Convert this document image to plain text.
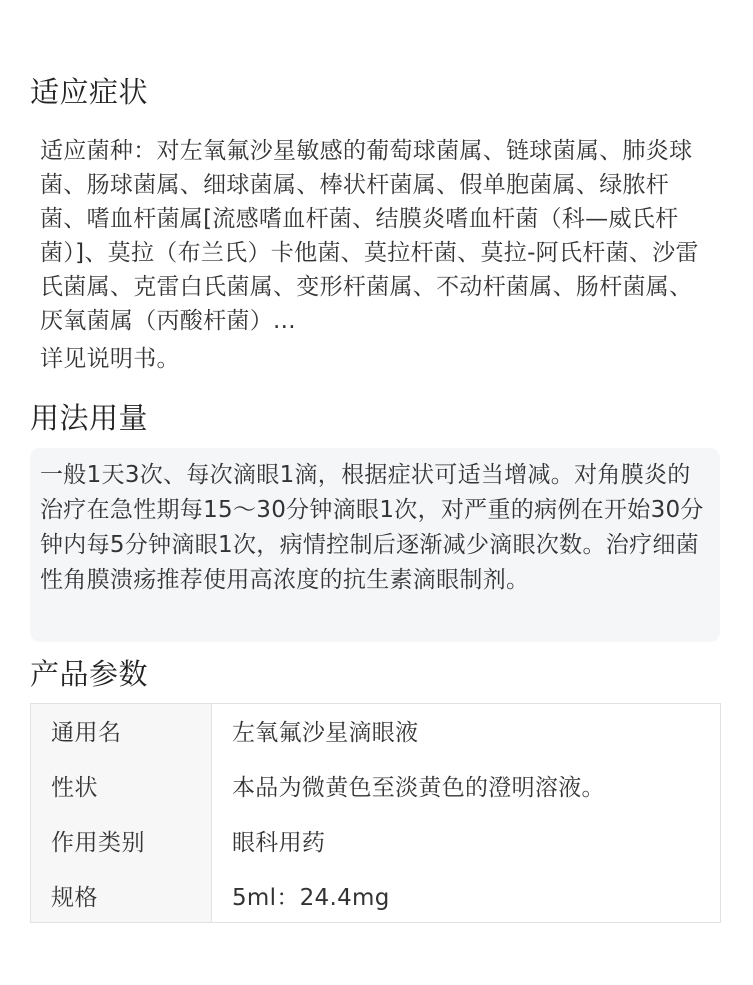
适应症状
适应菌种：对左氧氟沙星敏感的葡萄球菌属、链球菌属、肺炎球菌、肠球菌属、细球菌属、棒状杆菌属、假单胞菌属、绿脓杆菌、嗜血杆菌属[流感嗜血杆菌、结膜炎嗜血杆菌（科—威氏杆菌）]、莫拉（布兰氏）卡他菌、莫拉杆菌、莫拉-阿氏杆菌、沙雷氏菌属、克雷白氏菌属、变形杆菌属、不动杆菌属、肠杆菌属、厌氧菌属（丙酸杆菌）...
详见说明书。
用法用量
一般1天3次、每次滴眼1滴，根据症状可适当增减。对角膜炎的治疗在急性期每15～30分钟滴眼1次，对严重的病例在开始30分钟内每5分钟滴眼1次，病情控制后逐渐减少滴眼次数。治疗细菌性角膜溃疡推荐使用高浓度的抗生素滴眼制剂。
产品参数
通用名	左氧氟沙星滴眼液
性状	本品为微黄色至淡黄色的澄明溶液。
作用类别	眼科用药
规格	5ml：24.4mg
